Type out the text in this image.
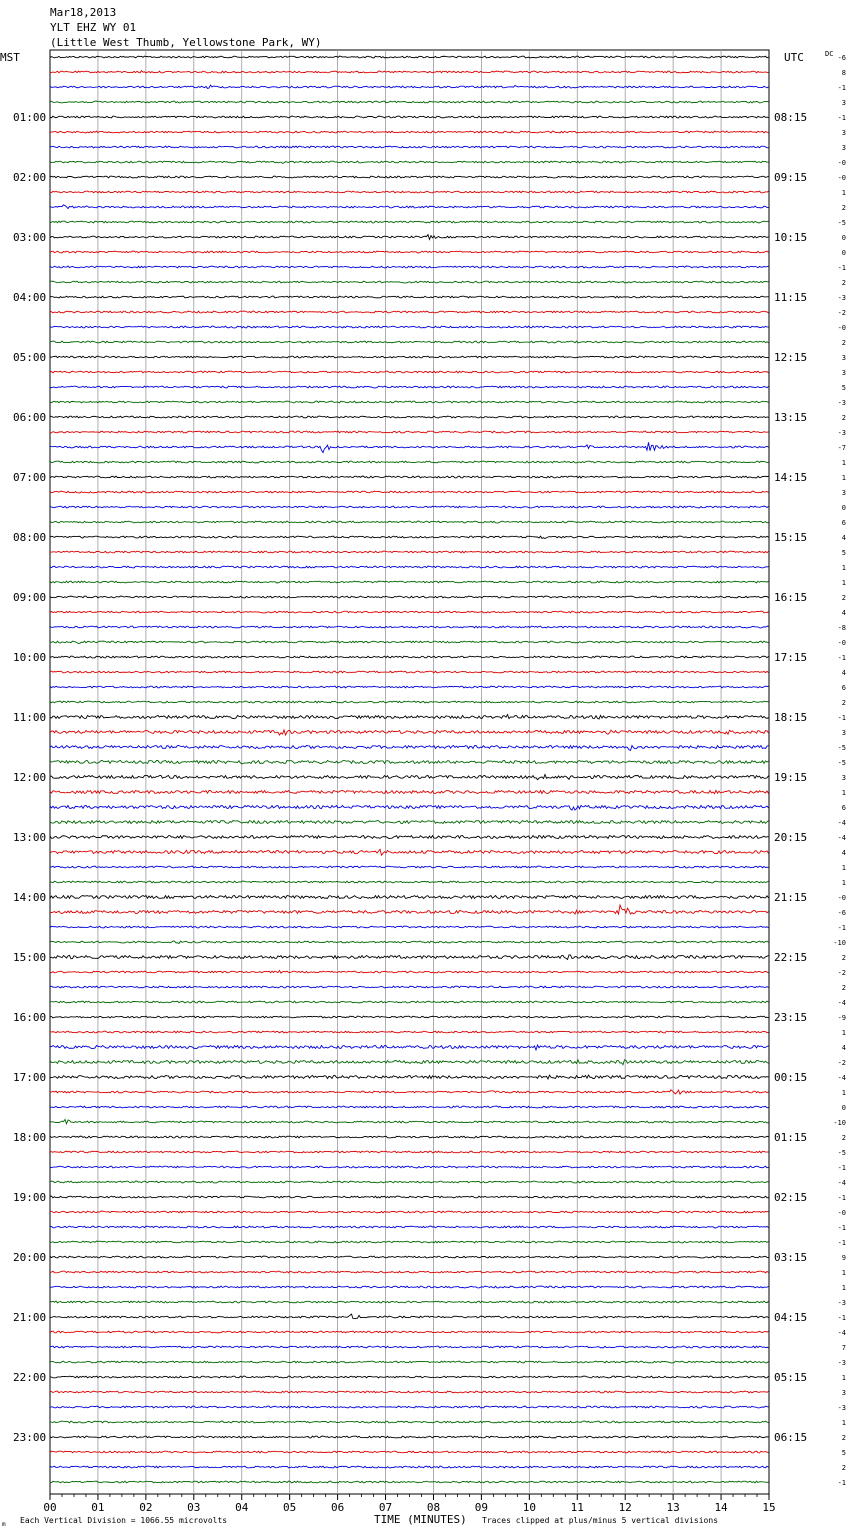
Mar18,2013
YLT EHZ WY 01
(Little West Thumb, Yellowstone Park, WY)
MST	UTC	DC
01:00
02:00
03:00
04:00
05:00
06:00
07:00
08:00
09:00
10:00
11:00
12:00
13:00
14:00
15:00
16:00
17:00
18:00
19:00
20:00
21:00
22:00
23:00
08:15
09:15
10:15
11:15
12:15
13:15
14:15
15:15
16:15
17:15
18:15
19:15
20:15
21:15
22:15
23:15
00:15
01:15
02:15
03:15
04:15
05:15
06:15
-6
8
-1
3
-1
3
3
-0
-0
1
2
-5
0
0
-1
2
-3
-2
-0
2
3
3
5
-3
2
-3
-7
1
1
3
0
6
4
5
1
1
2
4
-8
-0
-1
4
6
2
-1
3
-5
-5
3
1
6
-4
-4
4
1
1
-0
-6
-1
-10
2
-2
2
-4
-9
1
4
-2
-4
1
0
-10
2
-5
-1
-4
-1
-0
-1
-1
9
1
1
-3
-1
-4
7
-3
1
3
-3
1
2
5
2
-1
00	01	02	03	04	05	06	07	08	09	10	11	12	13	14	15
m Each Vertical Division = 1066.55 microvolts	TIME (MINUTES) Traces clipped at plus/minus 5 vertical divisions
